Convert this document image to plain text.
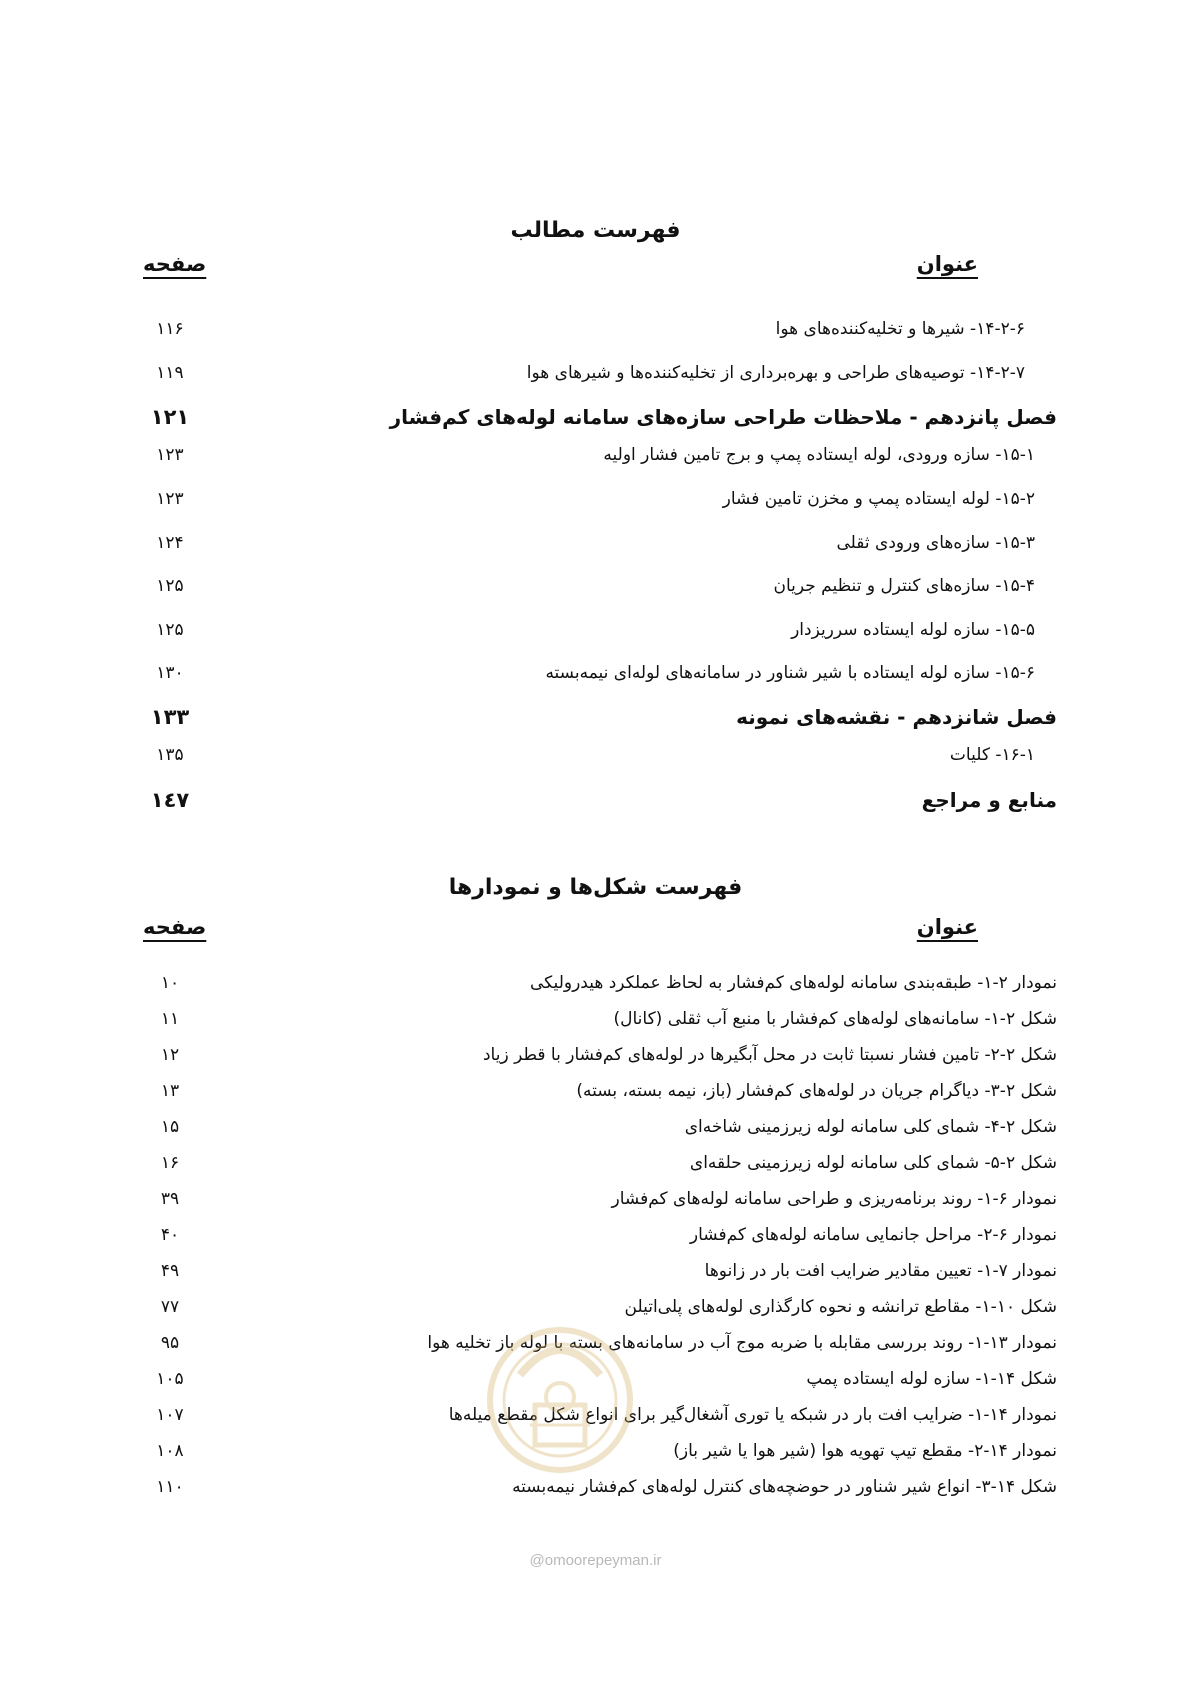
فهرست مطالب
عنوان
صفحه
۱۴-۲-۶- شیرها و تخلیه‌کننده‌های هوا
۱۱۶
۱۴-۲-۷- توصیه‌های طراحی و بهره‌برداری از تخلیه‌کننده‌ها و شیرهای هوا
۱۱۹
فصل پانزدهم - ملاحظات طراحی سازه‌های سامانه لوله‌های کم‌فشار
۱۲۱
۱۵-۱- سازه ورودی، لوله ایستاده پمپ و برج تامین فشار اولیه
۱۲۳
۱۵-۲- لوله ایستاده پمپ و مخزن تامین فشار
۱۲۳
۱۵-۳- سازه‌های ورودی ثقلی
۱۲۴
۱۵-۴- سازه‌های کنترل و تنظیم جریان
۱۲۵
۱۵-۵- سازه لوله ایستاده سرریزدار
۱۲۵
۱۵-۶- سازه لوله ایستاده با شیر شناور در سامانه‌های لوله‌ای نیمه‌بسته
۱۳۰
فصل شانزدهم - نقشه‌های نمونه
۱۳۳
۱۶-۱- کلیات
۱۳۵
منابع و مراجع
۱٤۷
فهرست شکل‌ها و نمودارها
عنوان
صفحه
نمودار ۲-۱- طبقه‌بندی سامانه لوله‌های کم‌فشار به لحاظ عملکرد هیدرولیکی
۱۰
شکل ۲-۱- سامانه‌های لوله‌های کم‌فشار با منبع آب ثقلی (کانال)
۱۱
شکل ۲-۲- تامین فشار نسبتا ثابت در محل آبگیرها در لوله‌های کم‌فشار با قطر زیاد
۱۲
شکل ۲-۳- دیاگرام جریان در لوله‌های کم‌فشار (باز، نیمه بسته، بسته)
۱۳
شکل ۲-۴- شمای کلی سامانه لوله زیرزمینی شاخه‌ای
۱۵
شکل ۲-۵- شمای کلی سامانه لوله زیرزمینی حلقه‌ای
۱۶
نمودار ۶-۱- روند برنامه‌ریزی و طراحی سامانه لوله‌های کم‌فشار
۳۹
نمودار ۶-۲- مراحل جانمایی سامانه لوله‌های کم‌فشار
۴۰
نمودار ۷-۱- تعیین مقادیر ضرایب افت بار در زانوها
۴۹
شکل ۱۰-۱- مقاطع ترانشه و نحوه کارگذاری لوله‌های پلی‌اتیلن
۷۷
نمودار ۱۳-۱- روند بررسی مقابله با ضربه موج آب در سامانه‌های بسته با لوله باز تخلیه هوا
۹۵
شکل ۱۴-۱- سازه لوله ایستاده پمپ
۱۰۵
نمودار ۱۴-۱- ضرایب افت بار در شبکه یا توری آشغال‌گیر برای انواع شکل مقطع میله‌ها
۱۰۷
نمودار ۱۴-۲- مقطع تیپ تهویه هوا (شیر هوا یا شیر باز)
۱۰۸
شکل ۱۴-۳- انواع شیر شناور در حوضچه‌های کنترل لوله‌های کم‌فشار نیمه‌بسته
۱۱۰
@omoorepeyman.ir
